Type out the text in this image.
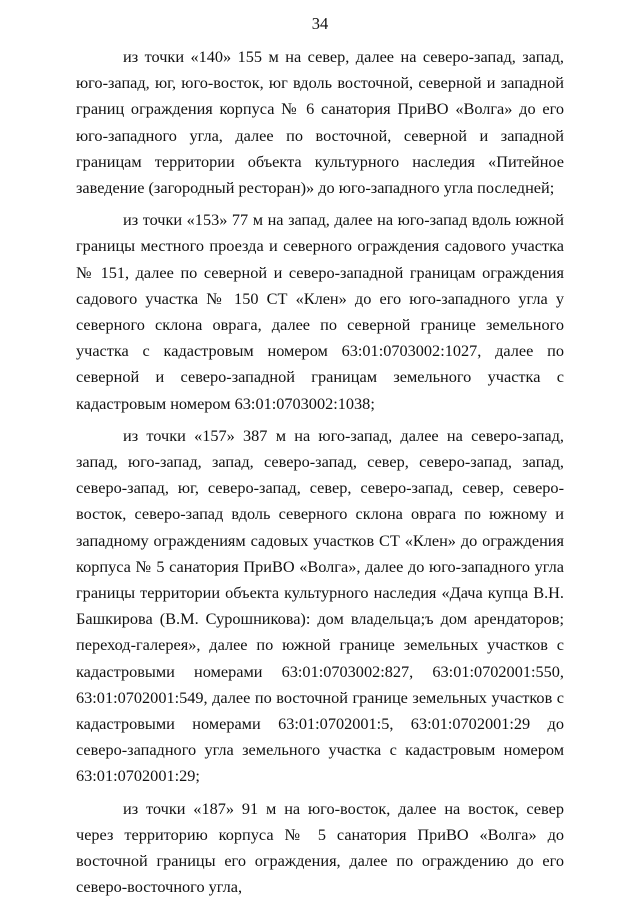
34

из точки «140» 155 м на север, далее на северо-запад, запад, юго-запад, юг, юго-восток, юг вдоль восточной, северной и западной границ ограждения корпуса № 6 санатория ПриВО «Волга» до его юго-западного угла, далее по восточной, северной и западной границам территории объекта культурного наследия «Питейное заведение (загородный ресторан)» до юго-западного угла последней;

из точки «153» 77 м на запад, далее на юго-запад вдоль южной границы местного проезда и северного ограждения садового участка № 151, далее по северной и северо-западной границам ограждения садового участка № 150 СТ «Клен» до его юго-западного угла у северного склона оврага, далее по северной границе земельного участка с кадастровым номером 63:01:0703002:1027, далее по северной и северо-западной границам земельного участка с кадастровым номером 63:01:0703002:1038;

из точки «157» 387 м на юго-запад, далее на северо-запад, запад, юго-запад, запад, северо-запад, север, северо-запад, запад, северо-запад, юг, северо-запад, север, северо-запад, север, северо-восток, северо-запад вдоль северного склона оврага по южному и западному ограждениям садовых участков СТ «Клен» до ограждения корпуса № 5 санатория ПриВО «Волга», далее до юго-западного угла границы территории объекта культурного наследия «Дача купца В.Н. Башкирова (В.М. Сурошникова): дом владельца;ъ дом арендаторов; переход-галерея», далее по южной границе земельных участков с кадастровыми номерами 63:01:0703002:827, 63:01:0702001:550, 63:01:0702001:549, далее по восточной границе земельных участков с кадастровыми номерами 63:01:0702001:5, 63:01:0702001:29 до северо-западного угла земельного участка с кадастровым номером 63:01:0702001:29;

из точки «187» 91 м на юго-восток, далее на восток, север через территорию корпуса № 5 санатория ПриВО «Волга» до восточной границы его ограждения, далее по ограждению до его северо-восточного угла,
